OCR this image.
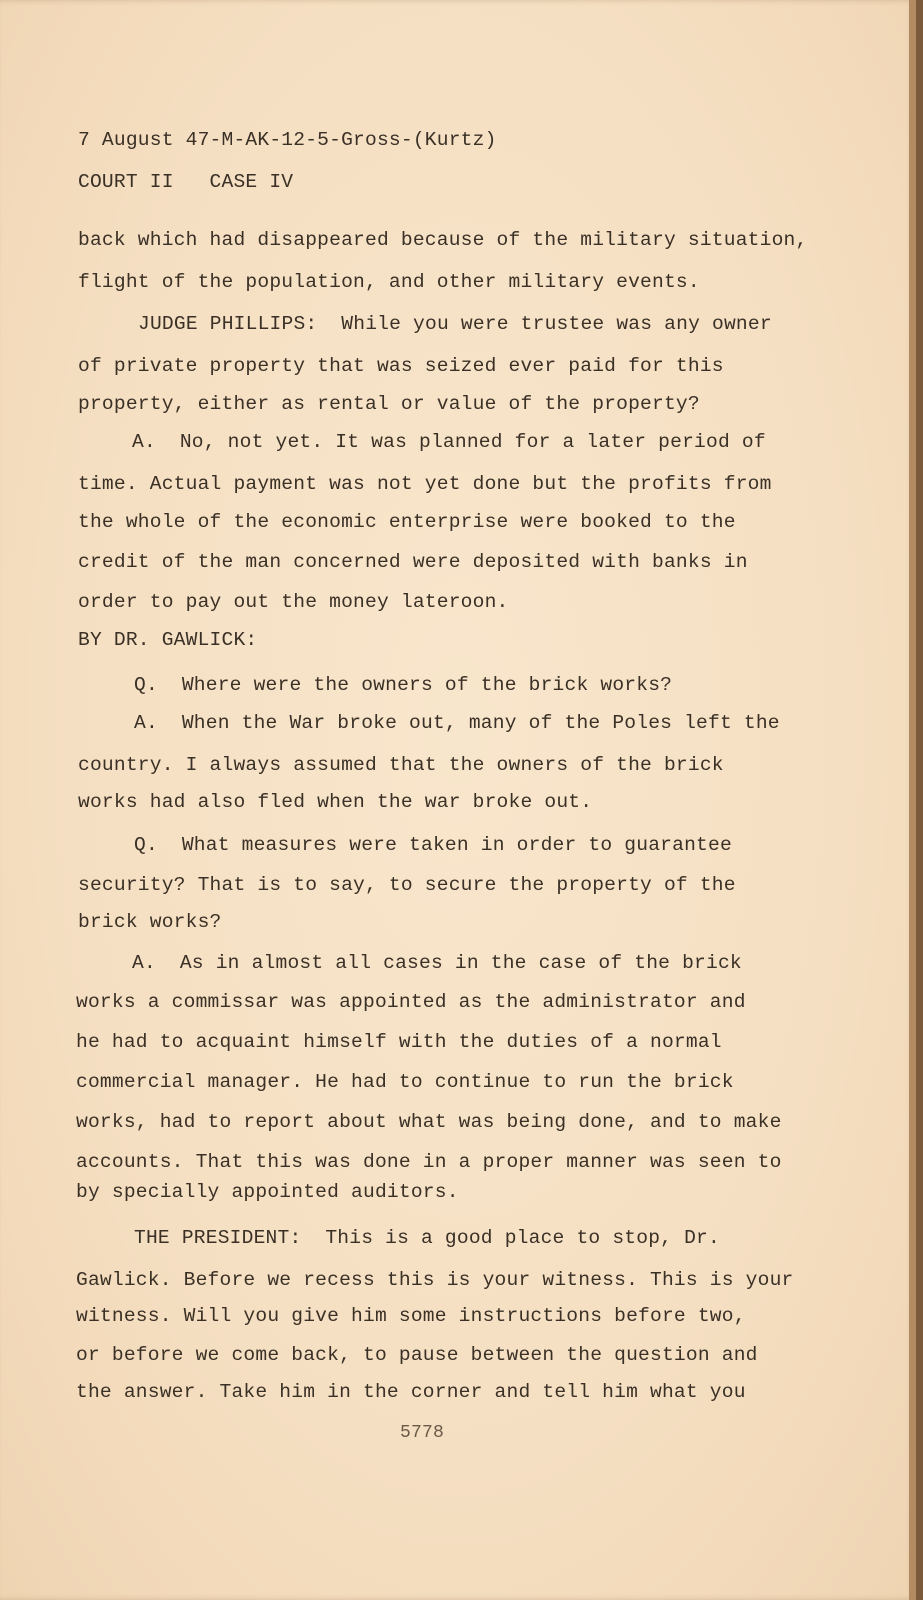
7 August 47-M-AK-12-5-Gross-(Kurtz)
COURT II   CASE IV
back which had disappeared because of the military situation,
flight of the population, and other military events.
JUDGE PHILLIPS:  While you were trustee was any owner
of private property that was seized ever paid for this
property, either as rental or value of the property?
A.  No, not yet. It was planned for a later period of
time. Actual payment was not yet done but the profits from
the whole of the economic enterprise were booked to the
credit of the man concerned were deposited with banks in
order to pay out the money lateroon.
BY DR. GAWLICK:
Q.  Where were the owners of the brick works?
A.  When the War broke out, many of the Poles left the
country. I always assumed that the owners of the brick
works had also fled when the war broke out.
Q.  What measures were taken in order to guarantee
security? That is to say, to secure the property of the
brick works?
A.  As in almost all cases in the case of the brick
works a commissar was appointed as the administrator and
he had to acquaint himself with the duties of a normal
commercial manager. He had to continue to run the brick
works, had to report about what was being done, and to make
accounts. That this was done in a proper manner was seen to
by specially appointed auditors.
THE PRESIDENT:  This is a good place to stop, Dr.
Gawlick. Before we recess this is your witness. This is your
witness. Will you give him some instructions before two,
or before we come back, to pause between the question and
the answer. Take him in the corner and tell him what you
5778
